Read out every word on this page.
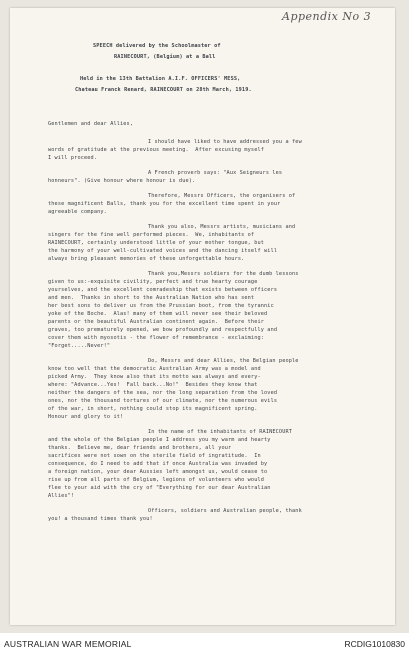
Appendix No 3
SPEECH delivered by the Schoolmaster of
RAINECOURT, (Belgium) at a Ball
Held in the 13th Battalion A.I.F. OFFICERS' MESS,
Chateau Franck Renard, RAINECOURT on 28th March, 1919.
Gentlemen and dear Allies,
I should have liked to have addressed you a few
words of gratitude at the previous meeting.  After excusing myself
I will proceed.
A French proverb says: "Aux Seigneurs les
honneurs". (Give honour where honour is due).
Therefore, Messrs Officers, the organisers of
these magnificent Balls, thank you for the excellent time spent in your
agreeable company.
Thank you also, Messrs artists, musicians and
singers for the fine well performed pieces.  We, inhabitants of
RAINECOURT, certainly understood little of your mother tongue, but
the harmony of your well-cultivated voices and the dancing itself will
always bring pleasant memories of these unforgettable hours.
Thank you,Messrs soldiers for the dumb lessons
given to us:-exquisite civility, perfect and true hearty courage
yourselves, and the excellent comradeship that exists between officers
and men.  Thanks in short to the Australian Nation who has sent
her best sons to deliver us from the Prussian boot, from the tyrannic
yoke of the Boche.  Alas! many of them will never see their beloved
parents or the beautiful Australian continent again.  Before their
graves, too prematurely opened, we bow profoundly and respectfully and
cover them with myosotis - the flower of remembrance - exclaiming:
"Forget.....Never!"
Do, Messrs and dear Allies, the Belgian people
know too well that the democratic Australian Army was a model and
picked Army.  They know also that its motto was always and every-
where: "Advance...Yes!  Fall back...No!"  Besides they know that
neither the dangers of the sea, nor the long separation from the loved
ones, nor the thousand tortures of our climate, nor the numerous evils
of the war, in short, nothing could stop its magnificent spring.
Honour and glory to it!
In the name of the inhabitants of RAINECOURT
and the whole of the Belgian people I address you my warm and hearty
thanks.  Believe me, dear friends and brothers, all your
sacrifices were not sown on the sterile field of ingratitude.  In
consequence, do I need to add that if once Australia was invaded by
a foreign nation, your dear Aussies left amongst us, would cease to
rise up from all parts of Belgium, legions of volunteers who would
flee to your aid with the cry of "Everything for our dear Australian
Allies"!
Officers, soldiers and Australian people, thank
you! a thousand times thank you!
AUSTRALIAN WAR MEMORIAL	RCDIG1010830
